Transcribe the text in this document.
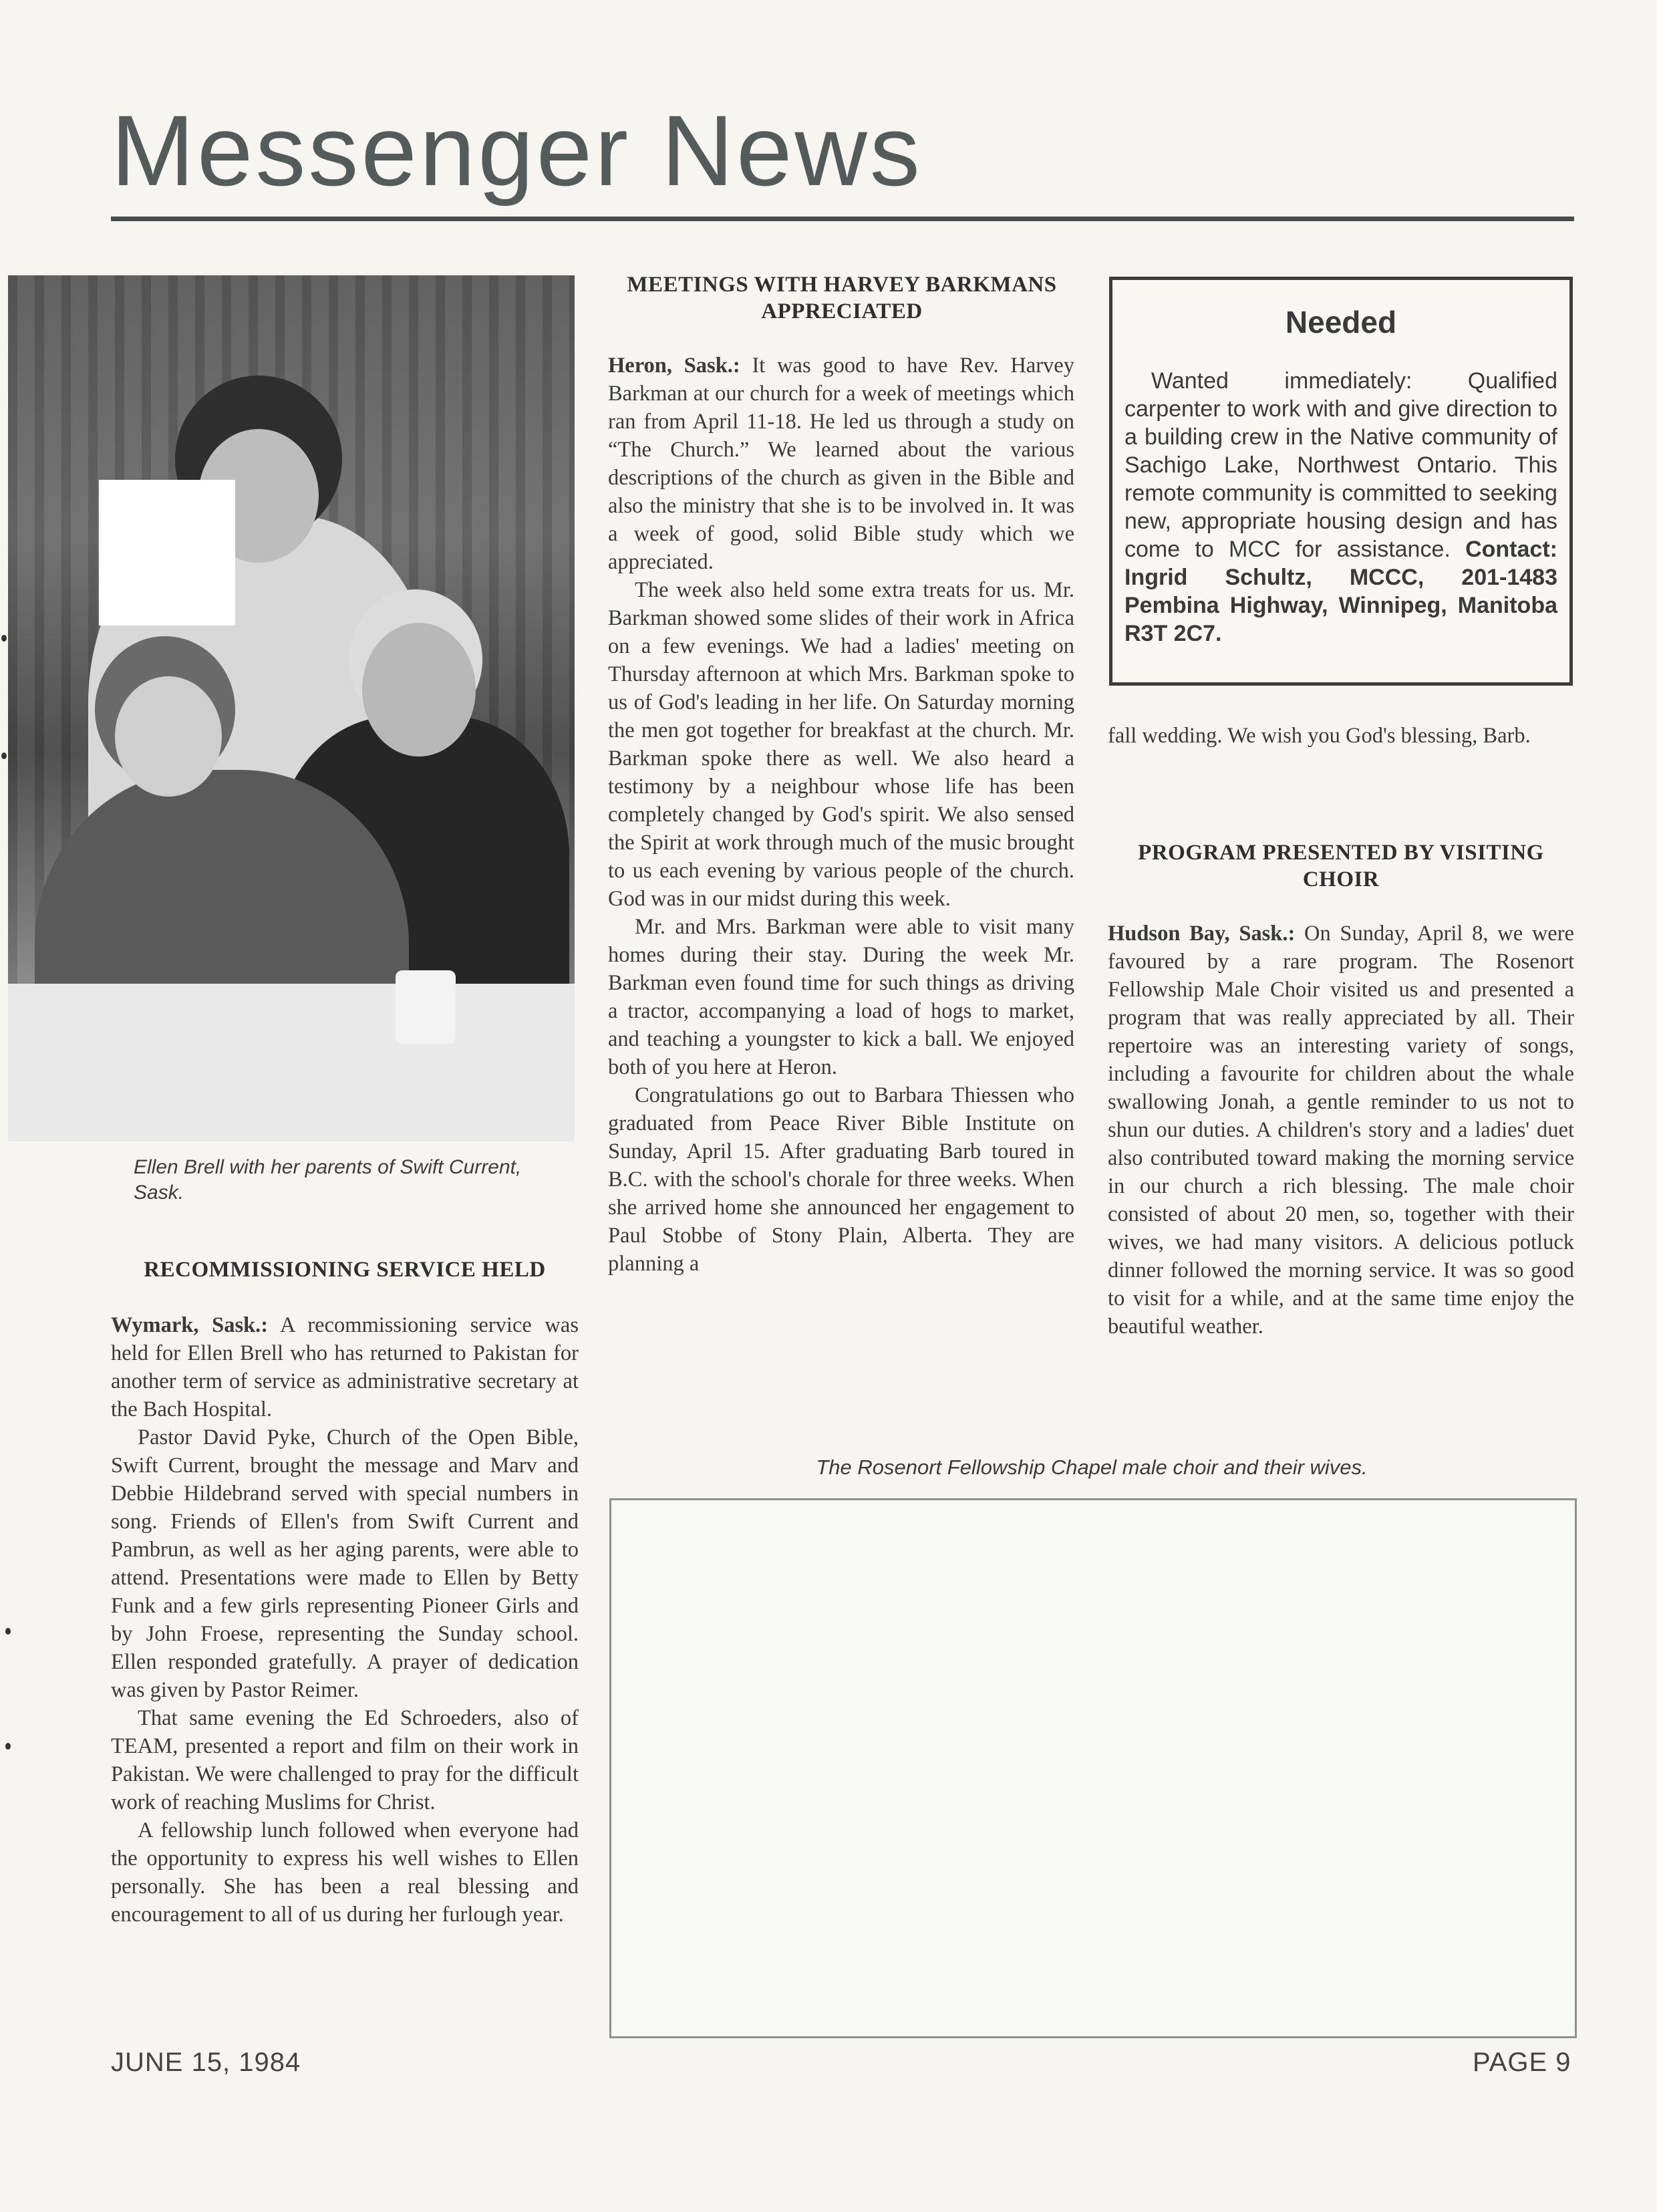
Messenger News
Ellen Brell with her parents of Swift Current, Sask.
RECOMMISSIONING SERVICE HELD

Wymark, Sask.: A recommissioning service was held for Ellen Brell who has returned to Pakistan for another term of service as administrative secretary at the Bach Hospital.

Pastor David Pyke, Church of the Open Bible, Swift Current, brought the message and Marv and Debbie Hildebrand served with special numbers in song. Friends of Ellen's from Swift Current and Pambrun, as well as her aging parents, were able to attend. Presentations were made to Ellen by Betty Funk and a few girls representing Pioneer Girls and by John Froese, representing the Sunday school. Ellen responded gratefully. A prayer of dedication was given by Pastor Reimer.

That same evening the Ed Schroeders, also of TEAM, presented a report and film on their work in Pakistan. We were challenged to pray for the difficult work of reaching Muslims for Christ.

A fellowship lunch followed when everyone had the opportunity to express his well wishes to Ellen personally. She has been a real blessing and encouragement to all of us during her furlough year.

MEETINGS WITH HARVEY BARKMANS APPRECIATED

Heron, Sask.: It was good to have Rev. Harvey Barkman at our church for a week of meetings which ran from April 11-18. He led us through a study on “The Church.” We learned about the various descriptions of the church as given in the Bible and also the ministry that she is to be involved in. It was a week of good, solid Bible study which we appreciated.

The week also held some extra treats for us. Mr. Barkman showed some slides of their work in Africa on a few evenings. We had a ladies' meeting on Thursday afternoon at which Mrs. Barkman spoke to us of God's leading in her life. On Saturday morning the men got together for breakfast at the church. Mr. Barkman spoke there as well. We also heard a testimony by a neighbour whose life has been completely changed by God's spirit. We also sensed the Spirit at work through much of the music brought to us each evening by various people of the church. God was in our midst during this week.

Mr. and Mrs. Barkman were able to visit many homes during their stay. During the week Mr. Barkman even found time for such things as driving a tractor, accompanying a load of hogs to market, and teaching a youngster to kick a ball. We enjoyed both of you here at Heron.

Congratulations go out to Barbara Thiessen who graduated from Peace River Bible Institute on Sunday, April 15. After graduating Barb toured in B.C. with the school's chorale for three weeks. When she arrived home she announced her engagement to Paul Stobbe of Stony Plain, Alberta. They are planning a

Needed

Wanted immediately: Qualified carpenter to work with and give direction to a building crew in the Native community of Sachigo Lake, Northwest Ontario. This remote community is committed to seeking new, appropriate housing design and has come to MCC for assistance. Contact: Ingrid Schultz, MCCC, 201-1483 Pembina Highway, Winnipeg, Manitoba R3T 2C7.

fall wedding. We wish you God's blessing, Barb.

PROGRAM PRESENTED BY VISITING CHOIR

Hudson Bay, Sask.: On Sunday, April 8, we were favoured by a rare program. The Rosenort Fellowship Male Choir visited us and presented a program that was really appreciated by all. Their repertoire was an interesting variety of songs, including a favourite for children about the whale swallowing Jonah, a gentle reminder to us not to shun our duties. A children's story and a ladies' duet also contributed toward making the morning service in our church a rich blessing. The male choir consisted of about 20 men, so, together with their wives, we had many visitors. A delicious potluck dinner followed the morning service. It was so good to visit for a while, and at the same time enjoy the beautiful weather.

The Rosenort Fellowship Chapel male choir and their wives.
JUNE 15, 1984	PAGE 9
